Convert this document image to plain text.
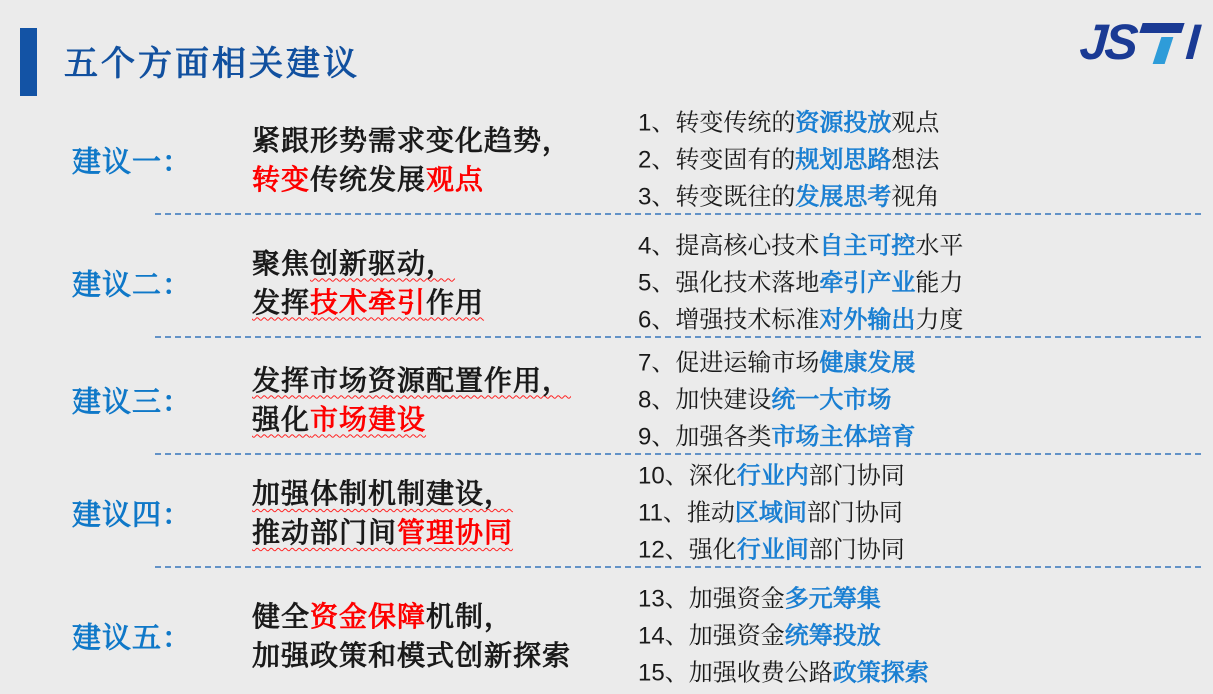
五个方面相关建议	JS I
建议一：
紧跟形势需求变化趋势，
转变传统发展观点
1、转变传统的资源投放观点
2、转变固有的规划思路想法
3、转变既往的发展思考视角
建议二：
聚焦创新驱动，
发挥技术牵引作用
4、提高核心技术自主可控水平
5、强化技术落地牵引产业能力
6、增强技术标准对外输出力度
建议三：
发挥市场资源配置作用，
强化市场建设
7、促进运输市场健康发展
8、加快建设统一大市场
9、加强各类市场主体培育
建议四：
加强体制机制建设，
推动部门间管理协同
10、深化行业内部门协同
11、推动区域间部门协同
12、强化行业间部门协同
建议五：
健全资金保障机制，
加强政策和模式创新探索
13、加强资金多元筹集
14、加强资金统筹投放
15、加强收费公路政策探索
